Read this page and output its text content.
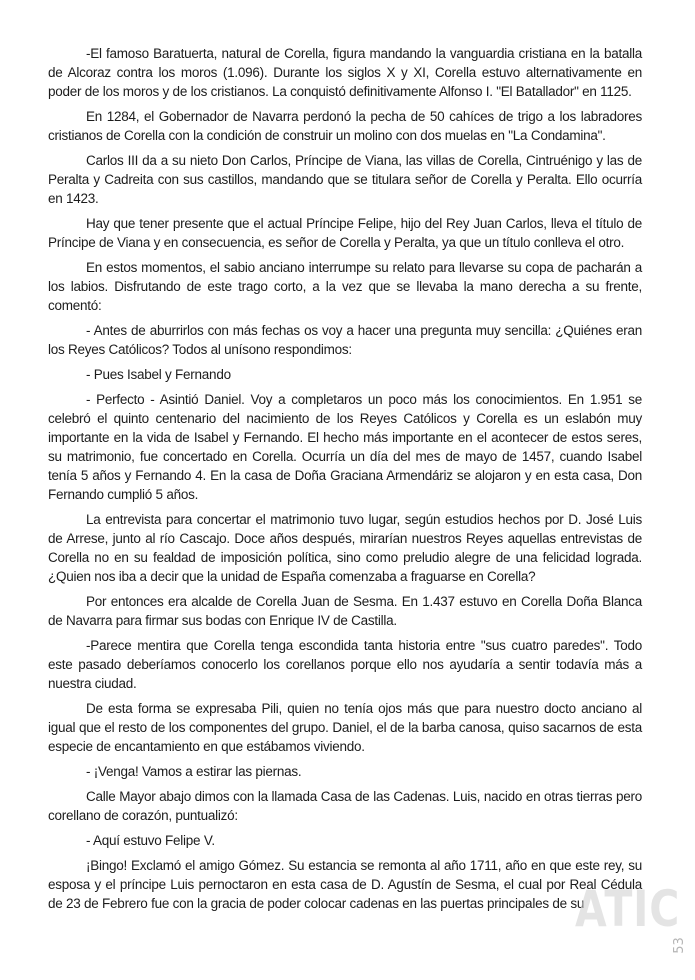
-El famoso Baratuerta, natural de Corella, figura mandando la vanguardia cristiana en la batalla de Alcoraz contra los moros (1.096). Durante los siglos X y XI, Corella estuvo alternativamente en poder de los moros y de los cristianos. La conquistó definitivamente Alfonso I. "El Batallador" en 1125.

En 1284, el Gobernador de Navarra perdonó la pecha de 50 cahíces de trigo a los labradores cristianos de Corella con la condición de construir un molino con dos muelas en "La Condamina".

Carlos III da a su nieto Don Carlos, Príncipe de Viana, las villas de Corella, Cintruénigo y las de Peralta y Cadreita con sus castillos, mandando que se titulara señor de Corella y Peralta. Ello ocurría en 1423.

Hay que tener presente que el actual Príncipe Felipe, hijo del Rey Juan Carlos, lleva el título de Príncipe de Viana y en consecuencia, es señor de Corella y Peralta, ya que un título conlleva el otro.

En estos momentos, el sabio anciano interrumpe su relato para llevarse su copa de pacharán a los labios. Disfrutando de este trago corto, a la vez que se llevaba la mano derecha a su frente, comentó:

- Antes de aburrirlos con más fechas os voy a hacer una pregunta muy sencilla: ¿Quiénes eran los Reyes Católicos? Todos al unísono respondimos:

- Pues Isabel y Fernando

- Perfecto - Asintió Daniel. Voy a completaros un poco más los conocimientos. En 1.951 se celebró el quinto centenario del nacimiento de los Reyes Católicos y Corella es un eslabón muy importante en la vida de Isabel y Fernando. El hecho más importante en el acontecer de estos seres, su matrimonio, fue concertado en Corella. Ocurría un día del mes de mayo de 1457, cuando Isabel tenía 5 años y Fernando 4. En la casa de Doña Graciana Armendáriz se alojaron y en esta casa, Don Fernando cumplió 5 años.

La entrevista para concertar el matrimonio tuvo lugar, según estudios hechos por D. José Luis de Arrese, junto al río Cascajo. Doce años después, mirarían nuestros Reyes aquellas entrevistas de Corella no en su fealdad de imposición política, sino como preludio alegre de una felicidad lograda. ¿Quien nos iba a decir que la unidad de España comenzaba a fraguarse en Corella?

Por entonces era alcalde de Corella Juan de Sesma. En 1.437 estuvo en Corella Doña Blanca de Navarra para firmar sus bodas con Enrique IV de Castilla.

-Parece mentira que Corella tenga escondida tanta historia entre "sus cuatro paredes". Todo este pasado deberíamos conocerlo los corellanos porque ello nos ayudaría a sentir todavía más a nuestra ciudad.

De esta forma se expresaba Pili, quien no tenía ojos más que para nuestro docto anciano al igual que el resto de los componentes del grupo. Daniel, el de la barba canosa, quiso sacarnos de esta especie de encantamiento en que estábamos viviendo.

- ¡Venga! Vamos a estirar las piernas.

Calle Mayor abajo dimos con la llamada Casa de las Cadenas. Luis, nacido en otras tierras pero corellano de corazón, puntualizó:

- Aquí estuvo Felipe V.

¡Bingo! Exclamó el amigo Gómez. Su estancia se remonta al año 1711, año en que este rey, su esposa y el príncipe Luis pernoctaron en esta casa de D. Agustín de Sesma, el cual por Real Cédula de 23 de Febrero fue con la gracia de poder colocar cadenas en las puertas principales de su

ATIC
53
